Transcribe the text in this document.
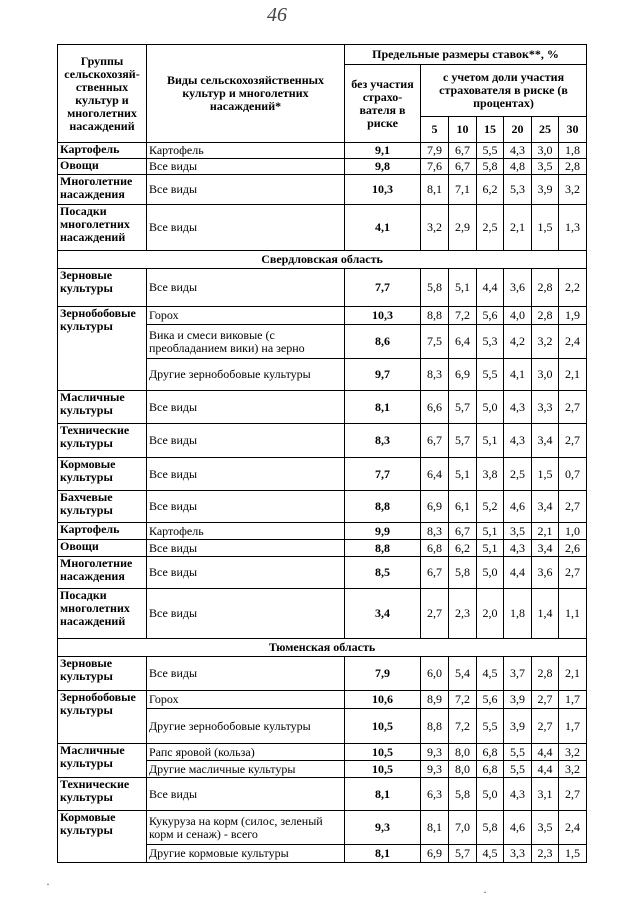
46
Группы сельскохозяй-ственных культур и многолетних насаждений	Виды сельскохозяйственных культур и многолетних насаждений*	Предельные размеры ставок**, %						
		без участия страхо-вателя в риске	с учетом доли участия страхователя в риске (в процентах)					
			5	10	15	20	25	30
Картофель	Картофель	9,1	7,9	6,7	5,5	4,3	3,0	1,8
Овощи	Все виды	9,8	7,6	6,7	5,8	4,8	3,5	2,8
Многолетние насаждения	Все виды	10,3	8,1	7,1	6,2	5,3	3,9	3,2
Посадки многолетних насаждений	Все виды	4,1	3,2	2,9	2,5	2,1	1,5	1,3
Свердловская область								
Зерновые культуры	Все виды	7,7	5,8	5,1	4,4	3,6	2,8	2,2
Зернобобовые культуры	Горох	10,3	8,8	7,2	5,6	4,0	2,8	1,9
	Вика и смеси виковые (с преобладанием вики) на зерно	8,6	7,5	6,4	5,3	4,2	3,2	2,4
	Другие зернобобовые культуры	9,7	8,3	6,9	5,5	4,1	3,0	2,1
Масличные культуры	Все виды	8,1	6,6	5,7	5,0	4,3	3,3	2,7
Технические культуры	Все виды	8,3	6,7	5,7	5,1	4,3	3,4	2,7
Кормовые культуры	Все виды	7,7	6,4	5,1	3,8	2,5	1,5	0,7
Бахчевые культуры	Все виды	8,8	6,9	6,1	5,2	4,6	3,4	2,7
Картофель	Картофель	9,9	8,3	6,7	5,1	3,5	2,1	1,0
Овощи	Все виды	8,8	6,8	6,2	5,1	4,3	3,4	2,6
Многолетние насаждения	Все виды	8,5	6,7	5,8	5,0	4,4	3,6	2,7
Посадки многолетних насаждений	Все виды	3,4	2,7	2,3	2,0	1,8	1,4	1,1
Тюменская область								
Зерновые культуры	Все виды	7,9	6,0	5,4	4,5	3,7	2,8	2,1
Зернобобовые культуры	Горох	10,6	8,9	7,2	5,6	3,9	2,7	1,7
	Другие зернобобовые культуры	10,5	8,8	7,2	5,5	3,9	2,7	1,7
Масличные культуры	Рапс яровой (кольза)	10,5	9,3	8,0	6,8	5,5	4,4	3,2
	Другие масличные культуры	10,5	9,3	8,0	6,8	5,5	4,4	3,2
Технические культуры	Все виды	8,1	6,3	5,8	5,0	4,3	3,1	2,7
Кормовые культуры	Кукуруза на корм (силос, зеленый корм и сенаж) - всего	9,3	8,1	7,0	5,8	4,6	3,5	2,4
	Другие кормовые культуры	8,1	6,9	5,7	4,5	3,3	2,3	1,5
·
·
